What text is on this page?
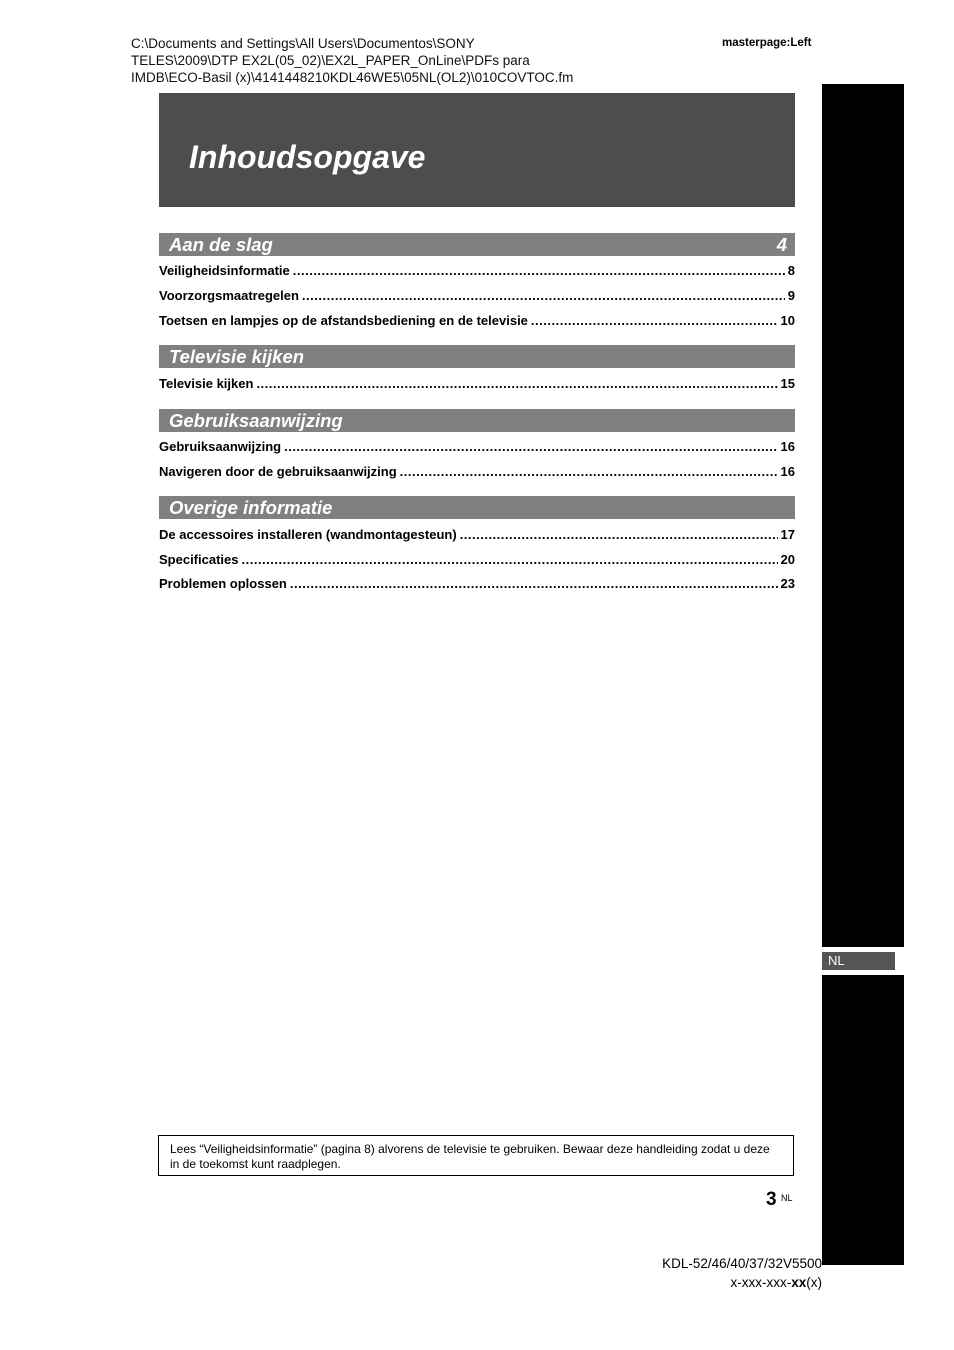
C:\Documents and Settings\All Users\Documentos\SONY
TELES\2009\DTP EX2L(05_02)\EX2L_PAPER_OnLine\PDFs para
IMDB\ECO-Basil (x)\4141448210KDL46WE5\05NL(OL2)\010COVTOC.fm
masterpage:Left
Inhoudsopgave
Aan de slag	4
Veiligheidsinformatie .....	8
Voorzorgsmaatregelen .....	9
Toetsen en lampjes op de afstandsbediening en de televisie .....	10
Televisie kijken
Televisie kijken .....	15
Gebruiksaanwijzing
Gebruiksaanwijzing .....	16
Navigeren door de gebruiksaanwijzing .....	16
Overige informatie
De accessoires installeren (wandmontagesteun) .....	17
Specificaties .....	20
Problemen oplossen .....	23
NL
Lees “Veiligheidsinformatie” (pagina 8) alvorens de televisie te gebruiken. Bewaar deze handleiding zodat u deze in de toekomst kunt raadplegen.
3 NL
KDL-52/46/40/37/32V5500
x-xxx-xxx-xx(x)
